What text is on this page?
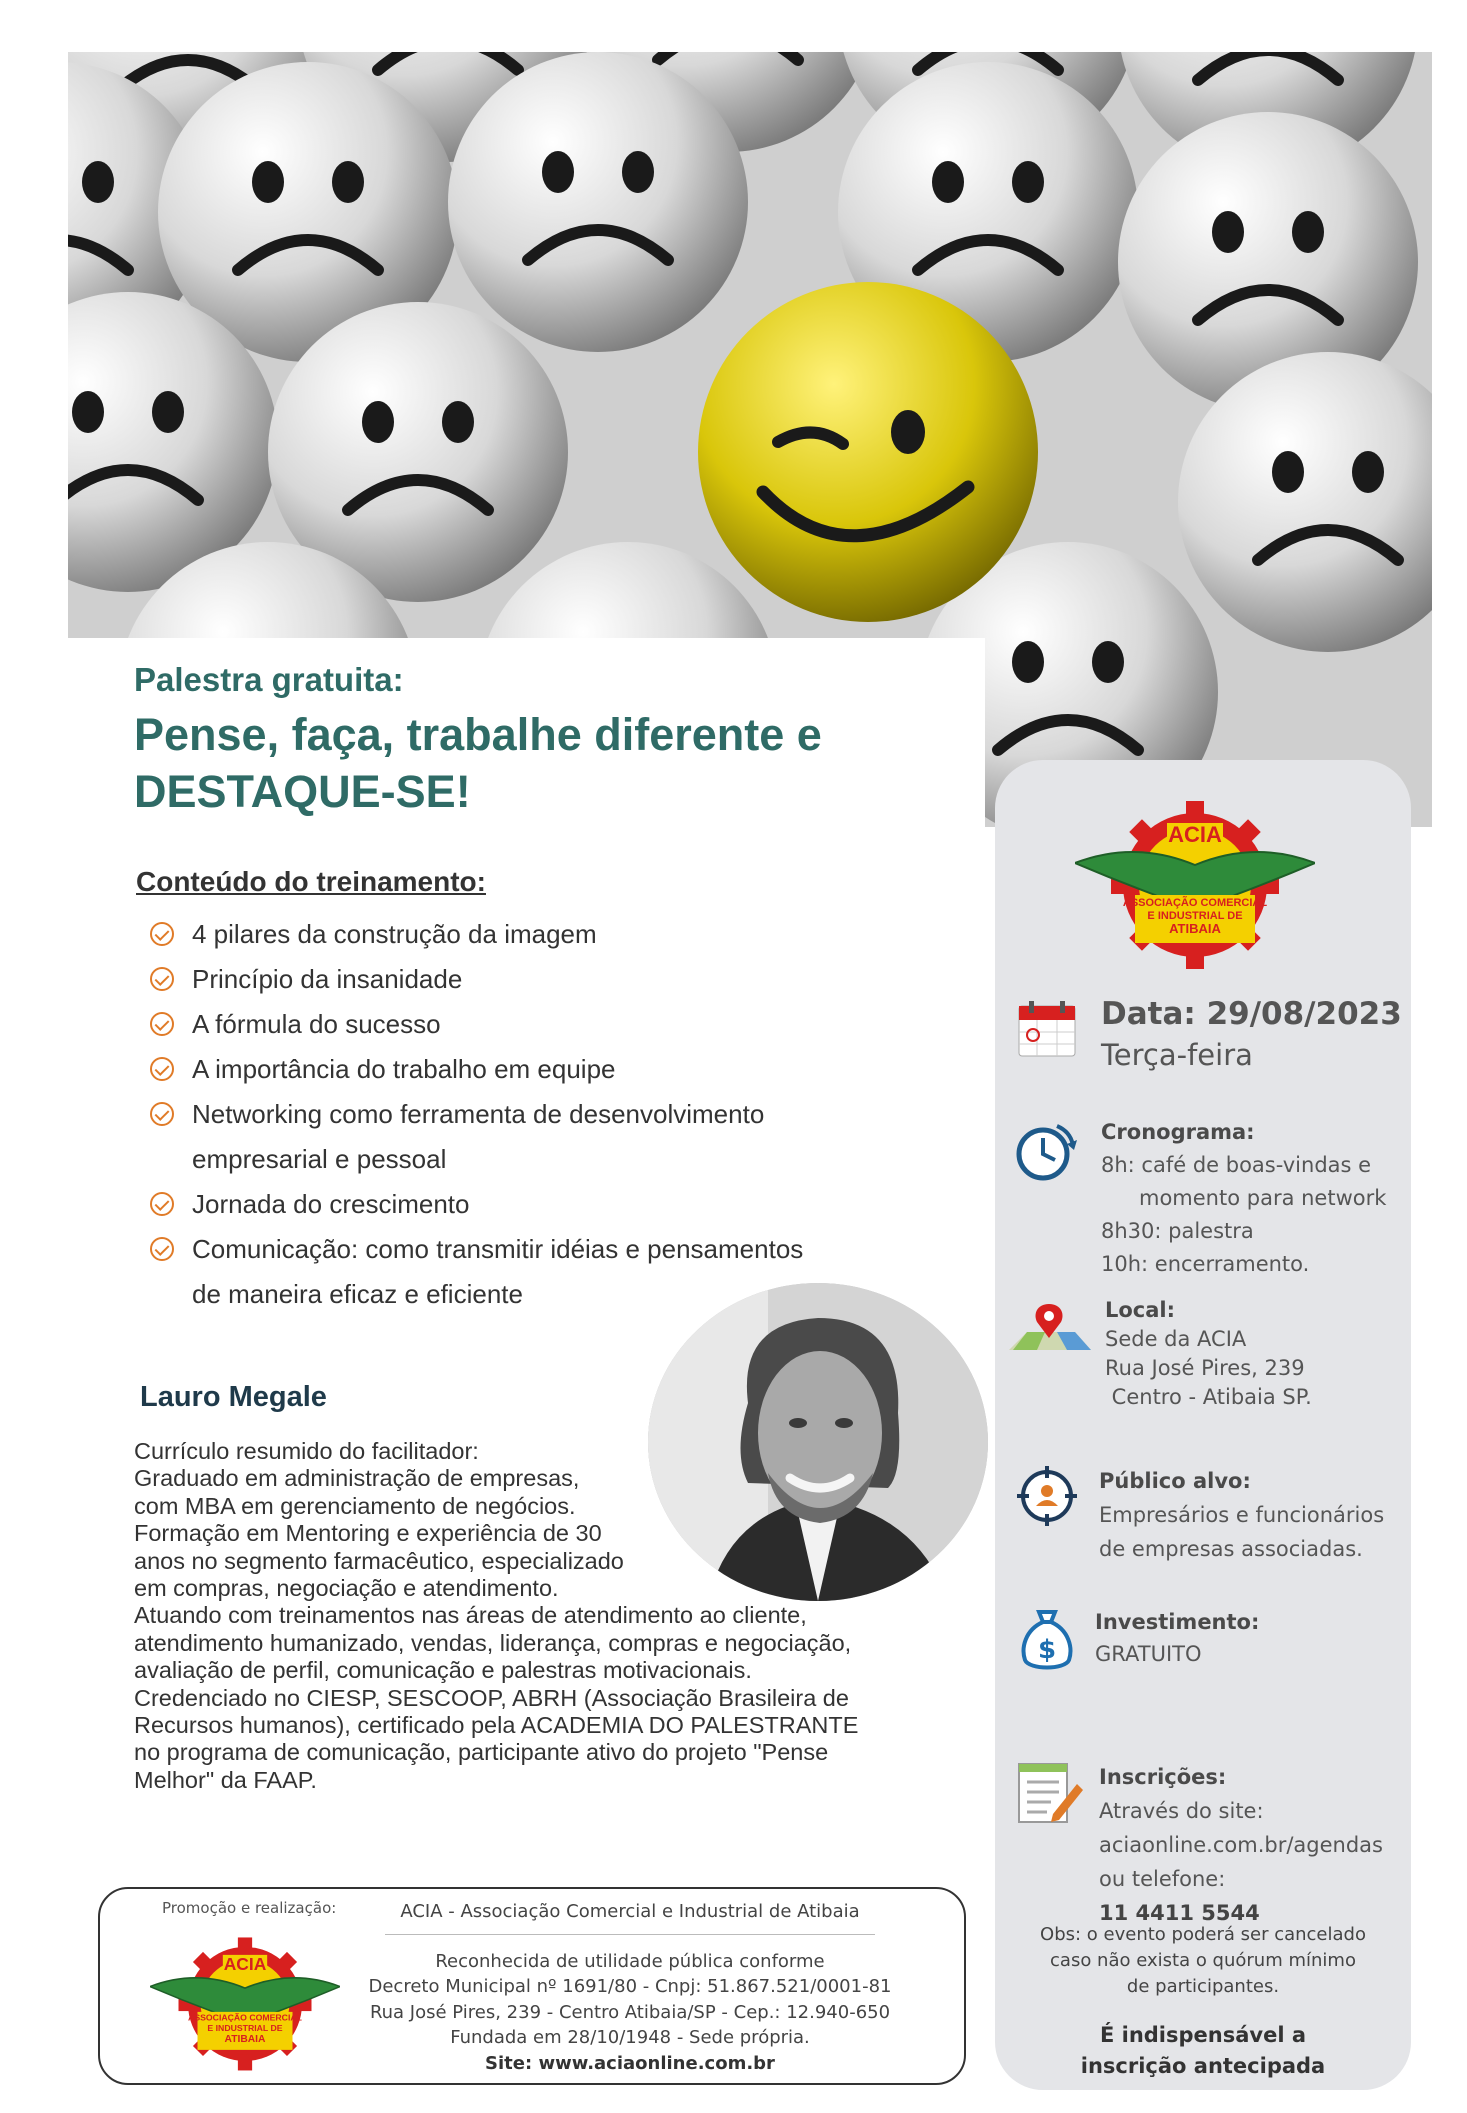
Palestra gratuita:
Pense, faça, trabalhe diferente e
DESTAQUE-SE!
Conteúdo do treinamento:
4 pilares da construção da imagem
Princípio da insanidade
A fórmula do sucesso
A importância do trabalho em equipe
Networking como ferramenta de desenvolvimento
empresarial e pessoal
Jornada do crescimento
Comunicação: como transmitir idéias e pensamentos
de maneira eficaz e eficiente
Lauro Megale
Currículo resumido do facilitador:
Graduado em administração de empresas,
com MBA em gerenciamento de negócios.
Formação em Mentoring e experiência de 30
anos no segmento farmacêutico, especializado
em compras, negociação e atendimento.
Atuando com treinamentos nas áreas de atendimento ao cliente,
atendimento humanizado, vendas, liderança, compras e negociação,
avaliação de perfil, comunicação e palestras motivacionais.
Credenciado no CIESP, SESCOOP, ABRH (Associação Brasileira de
Recursos humanos), certificado pela ACADEMIA DO PALESTRANTE
no programa de comunicação, participante ativo do projeto "Pense
Melhor" da FAAP.
ACIA
ASSOCIAÇÃO COMERCIAL
E INDUSTRIAL DE
ATIBAIA
Data: 29/08/2023
Terça-feira
Cronograma:
8h: café de boas-vindas e
momento para network
8h30: palestra
10h: encerramento.
Local:
Sede da ACIA
Rua José Pires, 239
Centro - Atibaia SP.
Público alvo:
Empresários e funcionários
de empresas associadas.
$
Investimento:
GRATUITO
Inscrições:
Através do site:
aciaonline.com.br/agendas
ou telefone:
11 4411 5544
Obs: o evento poderá ser cancelado
caso não exista o quórum mínimo
de participantes.
É indispensável a
inscrição antecipada
Promoção e realização:
ACIA
ASSOCIAÇÃO COMERCIAL
E INDUSTRIAL DE
ATIBAIA
ACIA - Associação Comercial e Industrial de Atibaia
Reconhecida de utilidade pública conforme
Decreto Municipal nº 1691/80 - Cnpj: 51.867.521/0001-81
Rua José Pires, 239 - Centro Atibaia/SP - Cep.: 12.940-650
Fundada em 28/10/1948 - Sede própria.
Site: www.aciaonline.com.br
